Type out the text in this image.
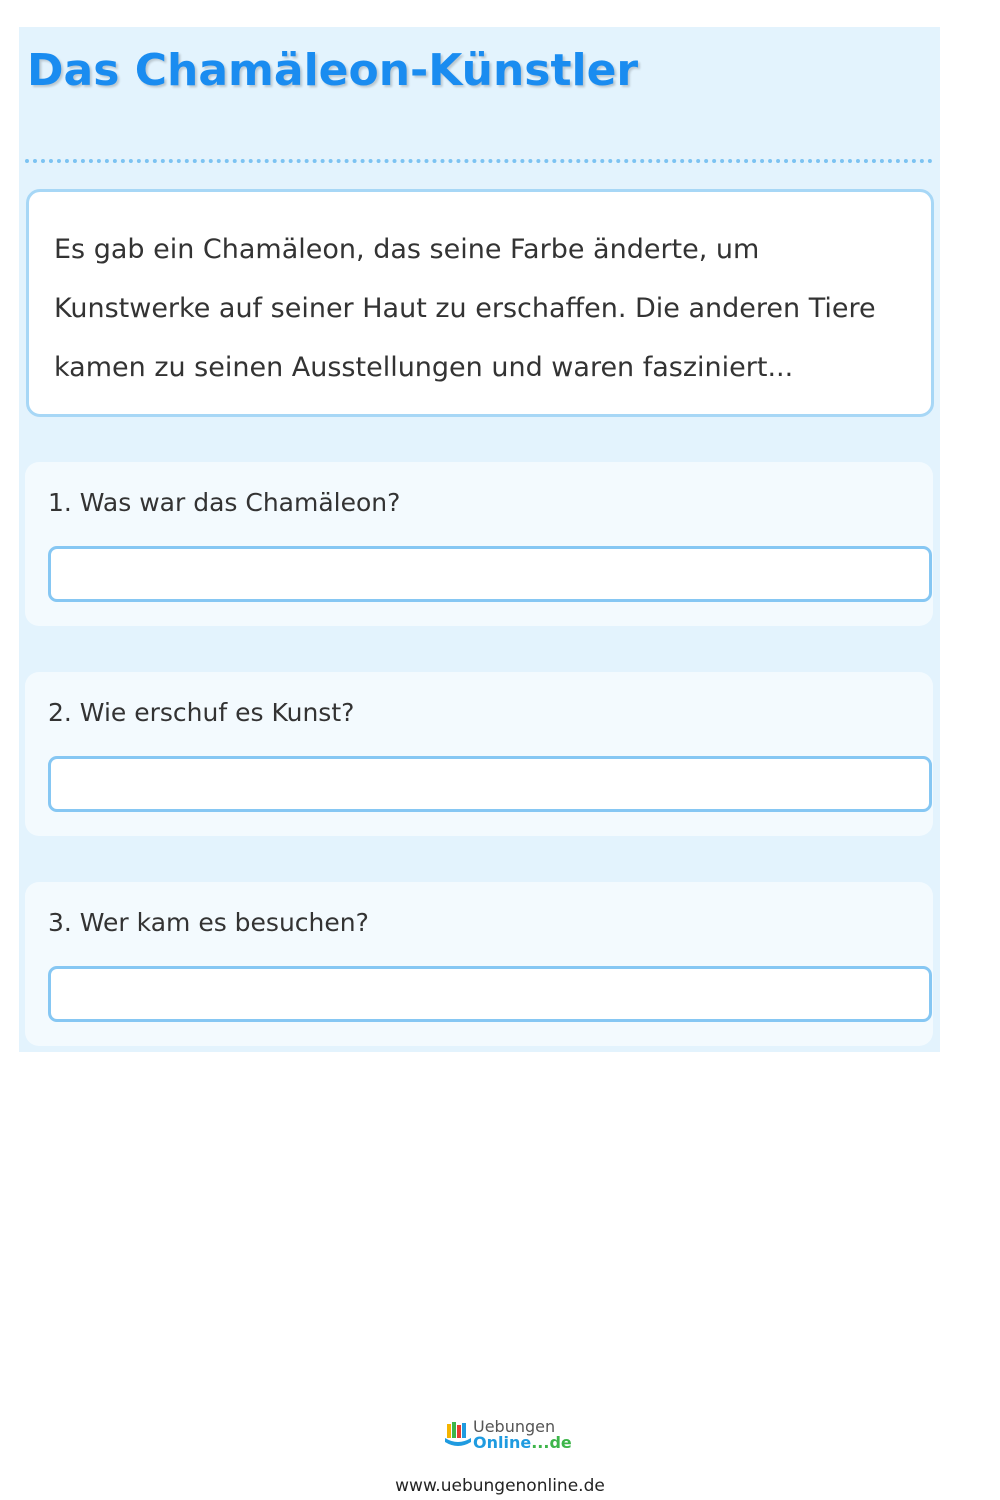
Das Chamäleon-Künstler

Es gab ein Chamäleon, das seine Farbe änderte, um Kunstwerke auf seiner Haut zu erschaffen. Die anderen Tiere kamen zu seinen Ausstellungen und waren fasziniert...

1. Was war das Chamäleon?

2. Wie erschuf es Kunst?

3. Wer kam es besuchen?

Uebungen
Online...de
www.uebungenonline.de
